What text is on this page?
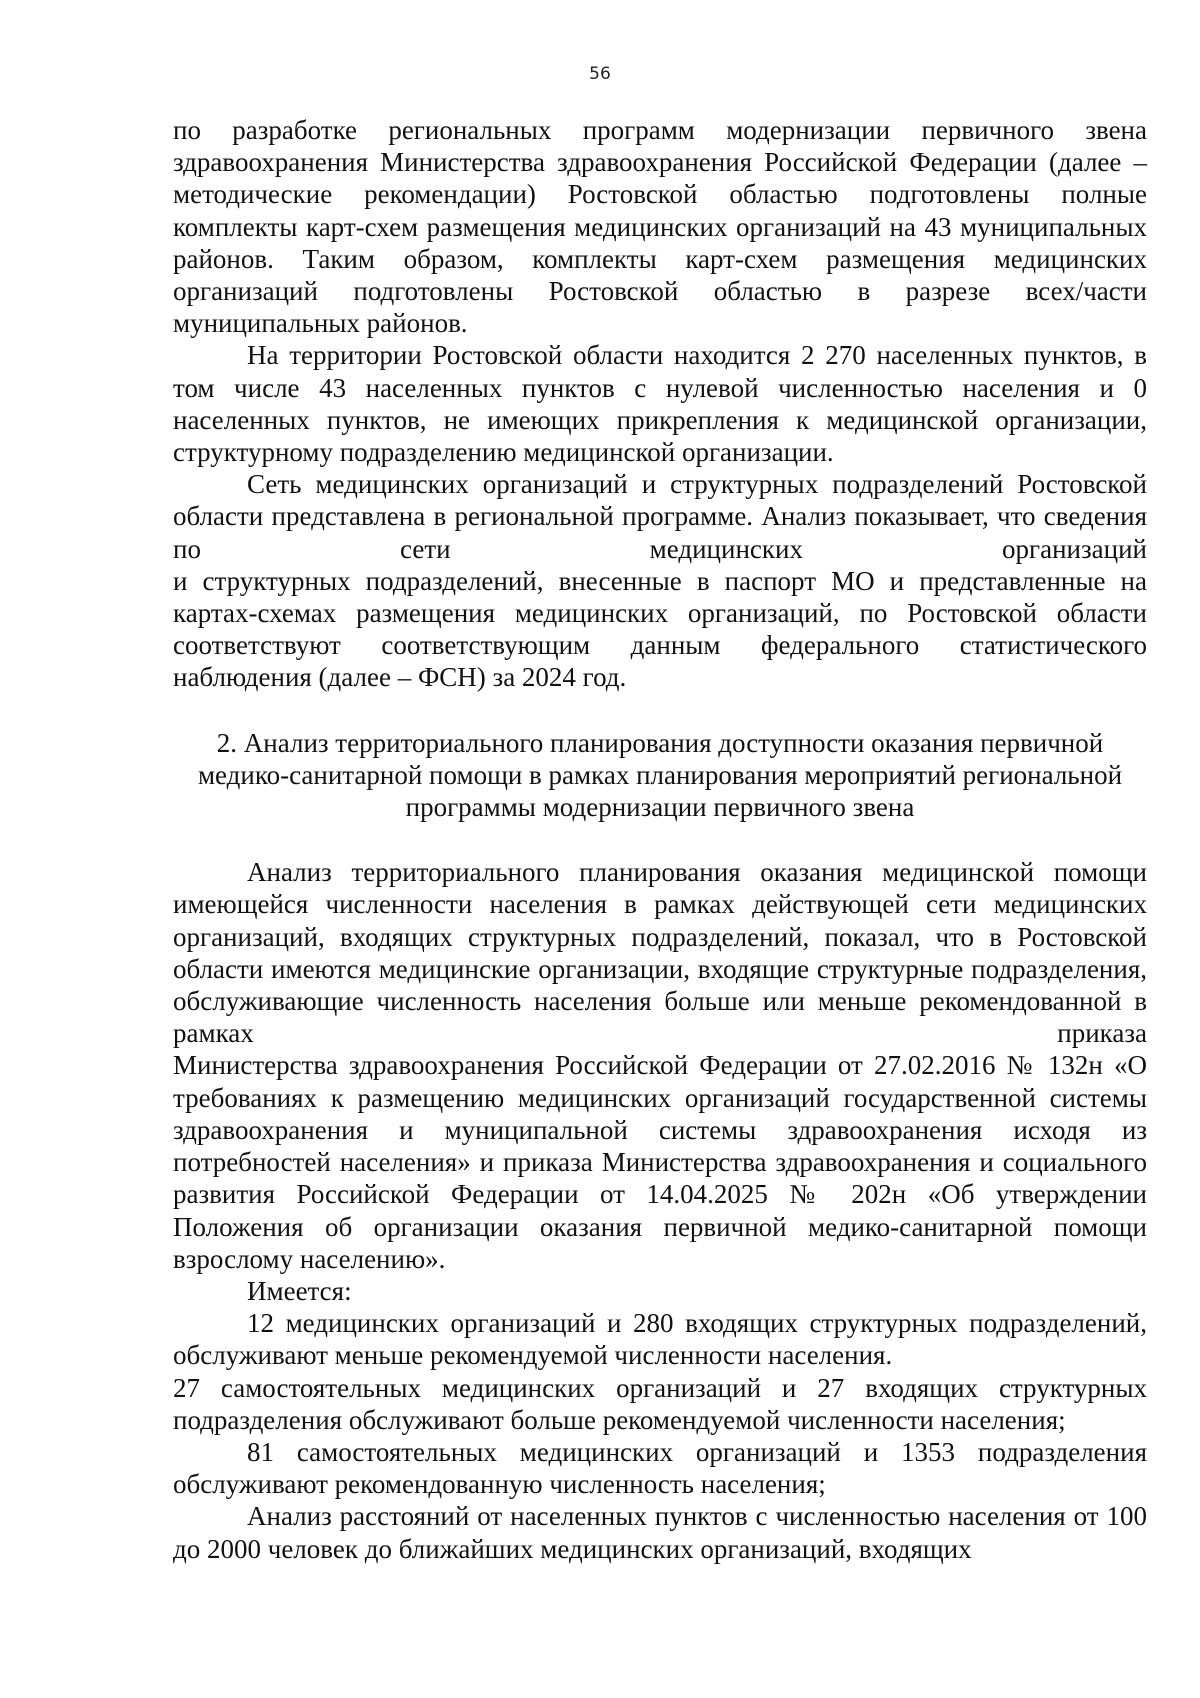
56

по разработке региональных программ модернизации первичного звена здравоохранения Министерства здравоохранения Российской Федерации (далее – методические рекомендации) Ростовской областью подготовлены полные комплекты карт-схем размещения медицинских организаций на 43 муниципальных районов. Таким образом, комплекты карт-схем размещения медицинских организаций подготовлены Ростовской областью в разрезе всех/части муниципальных районов.

На территории Ростовской области находится 2 270 населенных пунктов, в том числе 43 населенных пунктов с нулевой численностью населения и 0 населенных пунктов, не имеющих прикрепления к медицинской организации, структурному подразделению медицинской организации.

Сеть медицинских организаций и структурных подразделений Ростовской области представлена в региональной программе. Анализ показывает, что сведения по сети медицинских организаций

и структурных подразделений, внесенные в паспорт МО и представленные на картах-схемах размещения медицинских организаций, по Ростовской области соответствуют соответствующим данным федерального статистического наблюдения (далее – ФСН) за 2024 год.

2. Анализ территориального планирования доступности оказания первичной медико-санитарной помощи в рамках планирования мероприятий региональной программы модернизации первичного звена

Анализ территориального планирования оказания медицинской помощи имеющейся численности населения в рамках действующей сети медицинских организаций, входящих структурных подразделений, показал, что в Ростовской области имеются медицинские организации, входящие структурные подразделения, обслуживающие численность населения больше или меньше рекомендованной в рамках приказа

Министерства здравоохранения Российской Федерации от 27.02.2016 № 132н «О требованиях к размещению медицинских организаций государственной системы здравоохранения и муниципальной системы здравоохранения исходя из потребностей населения» и приказа Министерства здравоохранения и социального развития Российской Федерации от 14.04.2025 № 202н «Об утверждении Положения об организации оказания первичной медико-санитарной помощи взрослому населению».

Имеется:

12 медицинских организаций и 280 входящих структурных подразделений, обслуживают меньше рекомендуемой численности населения.

27 самостоятельных медицинских организаций и 27 входящих структурных подразделения обслуживают больше рекомендуемой численности населения;

81 самостоятельных медицинских организаций и 1353 подразделения обслуживают рекомендованную численность населения;

Анализ расстояний от населенных пунктов с численностью населения от 100 до 2000 человек до ближайших медицинских организаций, входящих
